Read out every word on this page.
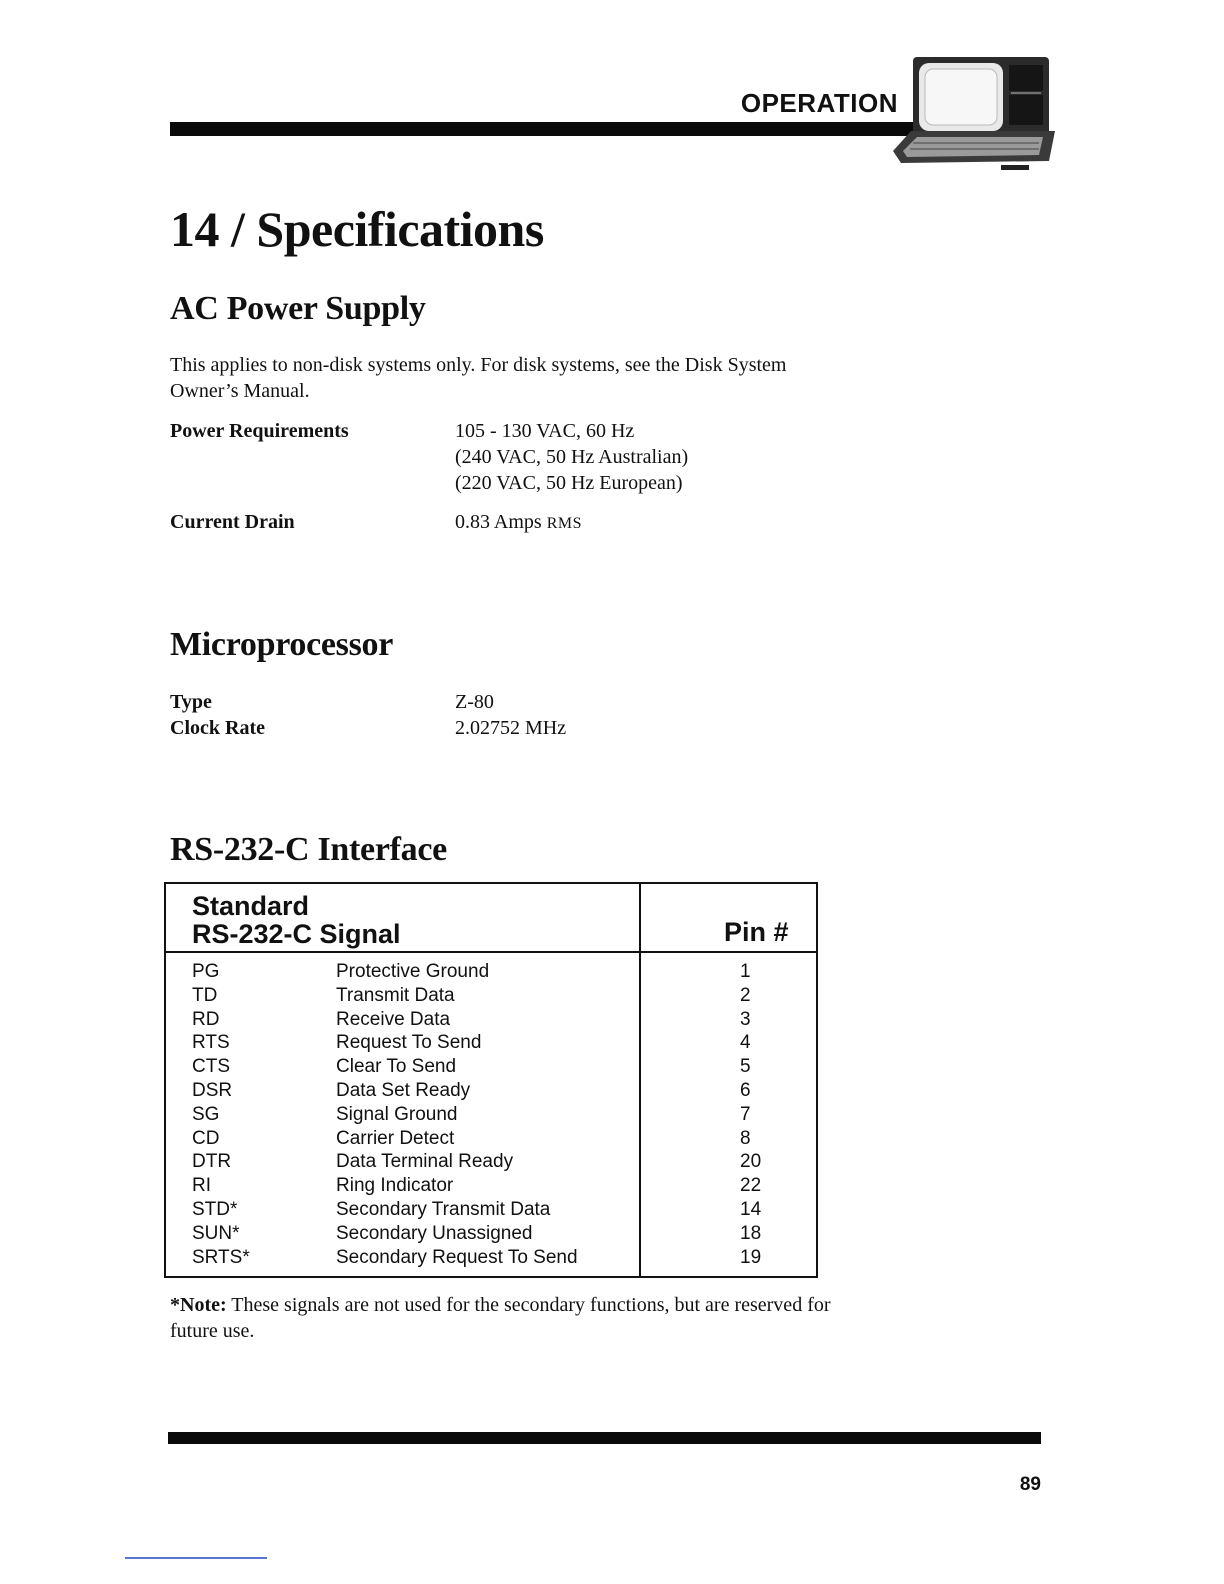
OPERATION
14 / Specifications
AC Power Supply
This applies to non-disk systems only. For disk systems, see the Disk System
Owner’s Manual.
Power Requirements	105 - 130 VAC, 60 Hz
(240 VAC, 50 Hz Australian)
(220 VAC, 50 Hz European)
Current Drain	0.83 Amps RMS
Microprocessor
Type	Z-80
Clock Rate	2.02752 MHz
RS-232-C Interface
Standard
RS-232-C Signal	Pin #
PG	Protective Ground	1
TD	Transmit Data	2
RD	Receive Data	3
RTS	Request To Send	4
CTS	Clear To Send	5
DSR	Data Set Ready	6
SG	Signal Ground	7
CD	Carrier Detect	8
DTR	Data Terminal Ready	20
RI	Ring Indicator	22
STD*	Secondary Transmit Data	14
SUN*	Secondary Unassigned	18
SRTS*	Secondary Request To Send	19
*Note: These signals are not used for the secondary functions, but are reserved for
future use.
89
